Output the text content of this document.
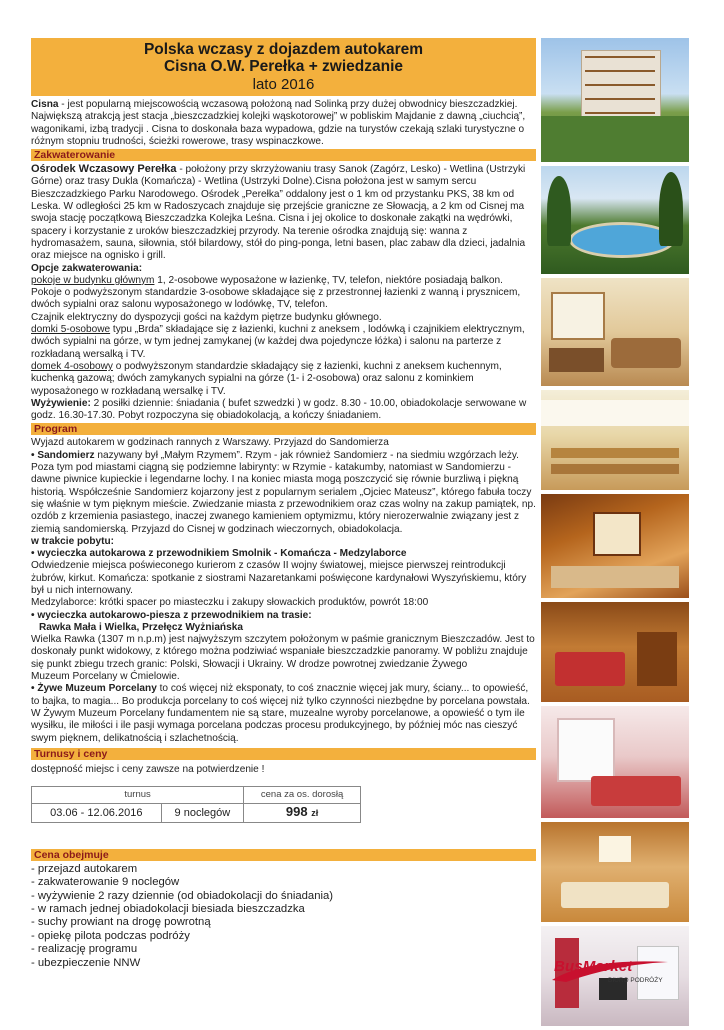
Polska wczasy z dojazdem autokarem
Cisna O.W. Perełka + zwiedzanie
lato 2016

Cisna - jest popularną miejscowością wczasową położoną nad Solinką przy dużej obwodnicy bieszczadzkiej. Największą atrakcją jest stacja „bieszczadzkiej kolejki wąskotorowej” w pobliskim Majdanie z dawną „ciuchcią”, wagonikami, izbą tradycji . Cisna to doskonała baza wypadowa, gdzie na turystów czekają szlaki turystyczne o różnym stopniu trudności, ścieżki rowerowe, trasy wspinaczkowe.

Zakwaterowanie

Ośrodek Wczasowy Perełka - położony przy skrzyżowaniu trasy Sanok (Zagórz, Lesko) - Wetlina (Ustrzyki Górne) oraz trasy Dukla (Komańcza) - Wetlina (Ustrzyki Dolne).Cisna położona jest w samym sercu Bieszczadzkiego Parku Narodowego. Ośrodek „Perełka” oddalony jest o 1 km od przystanku PKS, 38 km od Leska. W odległości 25 km w Radoszycach znajduje się przejście graniczne ze Słowacją, a 2 km od Cisnej ma swoja stację początkową Bieszczadzka Kolejka Leśna. Cisna i jej okolice to doskonałe zakątki na wędrówki, spacery i korzystanie z uroków bieszczadzkiej przyrody. Na terenie ośrodka znajdują się: wanna z hydromasażem, sauna, siłownia, stół bilardowy, stół do ping-ponga, letni basen, plac zabaw dla dzieci, jadalnia oraz miejsce na ognisko i grill.

Opcje zakwaterowania:

pokoje w budynku głównym 1, 2-osobowe wyposażone w łazienkę, TV, telefon, niektóre posiadają balkon. Pokoje o podwyższonym standardzie 3-osobowe składające się z przestronnej łazienki z wanną i prysznicem, dwóch sypialni oraz salonu wyposażonego w lodówkę, TV, telefon.

Czajnik elektryczny do dyspozycji gości na każdym piętrze budynku głównego.

domki 5-osobowe typu „Brda” składające się z łazienki, kuchni z aneksem , lodówką i czajnikiem elektrycznym, dwóch sypialni na górze, w tym jednej zamykanej (w każdej dwa pojedyncze łóżka) i salonu na parterze z rozkładaną wersalką i TV.

domek 4-osobowy o podwyższonym standardzie składający się z łazienki, kuchni z aneksem kuchennym, kuchenką gazową; dwóch zamykanych sypialni na górze (1- i 2-osobowa) oraz salonu z kominkiem wyposażonego w rozkładaną wersalkę i TV.

Wyżywienie: 2 posiłki dziennie: śniadania ( bufet szwedzki ) w godz. 8.30 - 10.00, obiadokolacje serwowane w godz. 16.30-17.30. Pobyt rozpoczyna się obiadokolacją, a kończy śniadaniem.

Program

Wyjazd autokarem w godzinach rannych z Warszawy. Przyjazd do Sandomierza

• Sandomierz nazywany był „Małym Rzymem”. Rzym - jak również Sandomierz - na siedmiu wzgórzach leży. Poza tym pod miastami ciągną się podziemne labirynty: w Rzymie - katakumby, natomiast w Sandomierzu - dawne piwnice kupieckie i legendarne lochy. I na koniec miasta mogą poszczycić się równie burzliwą i piękną historią. Współcześnie Sandomierz kojarzony jest z popularnym serialem „Ojciec Mateusz”, którego fabuła toczy się właśnie w tym pięknym mieście. Zwiedzanie miasta z przewodnikiem oraz czas wolny na zakup pamiątek, np. ozdób z krzemienia pasiastego, inaczej zwanego kamieniem optymizmu, który nierozerwalnie związany jest z ziemią sandomierską. Przyjazd do Cisnej w godzinach wieczornych, obiadokolacja.

w trakcie pobytu:

• wycieczka autokarowa z przewodnikiem Smolnik - Komańcza - Medzylaborce

Odwiedzenie miejsca poświeconego kurierom z czasów II wojny światowej, miejsce pierwszej reintrodukcji żubrów, kirkut. Komańcza: spotkanie z siostrami Nazaretankami poświęcone kardynałowi Wyszyńskiemu, który był u nich internowany.

Medzylaborce: krótki spacer po miasteczku i zakupy słowackich produktów, powrót 18:00

• wycieczka autokarowo-piesza z przewodnikiem na trasie:

Rawka Mała i Wielka, Przełęcz Wyżniańska

Wielka Rawka (1307 m n.p.m) jest najwyższym szczytem położonym w paśmie granicznym Bieszczadów. Jest to doskonały punkt widokowy, z którego można podziwiać wspaniałe bieszczadzkie panoramy. W pobliżu znajduje się punkt zbiegu trzech granic: Polski, Słowacji i Ukrainy. W drodze powrotnej zwiedzanie Żywego

Muzeum Porcelany w Ćmielowie.

• Żywe Muzeum Porcelany to coś więcej niż eksponaty, to coś znacznie więcej jak mury, ściany... to opowieść, to bajka, to magia... Bo produkcja porcelany to coś więcej niż tylko czynności niezbędne by porcelana powstała. W Żywym Muzeum Porcelany fundamentem nie są stare, muzealne wyroby porcelanowe, a opowieść o tym ile wysiłku, ile miłości i ile pasji wymaga porcelana podczas procesu produkcyjnego, by później móc nas cieszyć swym pięknem, delikatnością i szlachetnością.

Turnusy i ceny

dostępność miejsc i ceny zawsze na potwierdzenie !

turnus		cena za os. dorosłą
03.06 - 12.06.2016	9 noclegów	998 zł
Cena obejmuje
- przejazd autokarem
- zakwaterowanie 9 noclegów
- wyżywienie 2 razy dziennie (od obiadokolacji do śniadania)
- w ramach jednej obiadokolacji biesiada bieszczadzka
- suchy prowiant na drogę powrotną
- opiekę pilota podczas podróży
- realizację programu
- ubezpieczenie NNW	BusMarket
BIURO PODRÓŻY
